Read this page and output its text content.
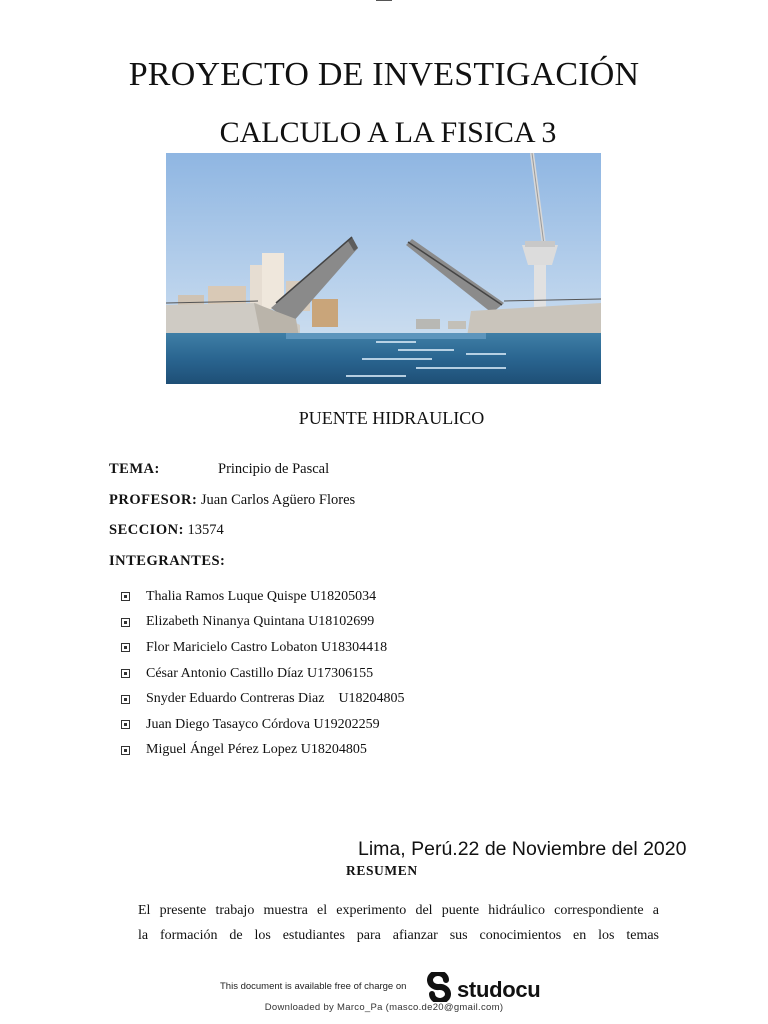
PROYECTO DE INVESTIGACIÓN
CALCULO A LA FISICA 3
PUENTE HIDRAULICO
TEMA:	Principio de Pascal
PROFESOR: Juan Carlos Agüero Flores
SECCION: 13574
INTEGRANTES:
Thalia Ramos Luque Quispe U18205034
Elizabeth Ninanya Quintana U18102699
Flor Maricielo Castro Lobaton U18304418
César Antonio Castillo Díaz U17306155
Snyder Eduardo Contreras Diaz    U18204805
Juan Diego Tasayco Córdova U19202259
Miguel Ángel Pérez Lopez U18204805
Lima, Perú.22 de Noviembre del 2020
RESUMEN
El presente trabajo muestra el experimento del puente hidráulico correspondiente a
la formación de los estudiantes para afianzar sus conocimientos en los temas
This document is available free of charge on studocu
Downloaded by Marco_Pa (masco.de20@gmail.com)
